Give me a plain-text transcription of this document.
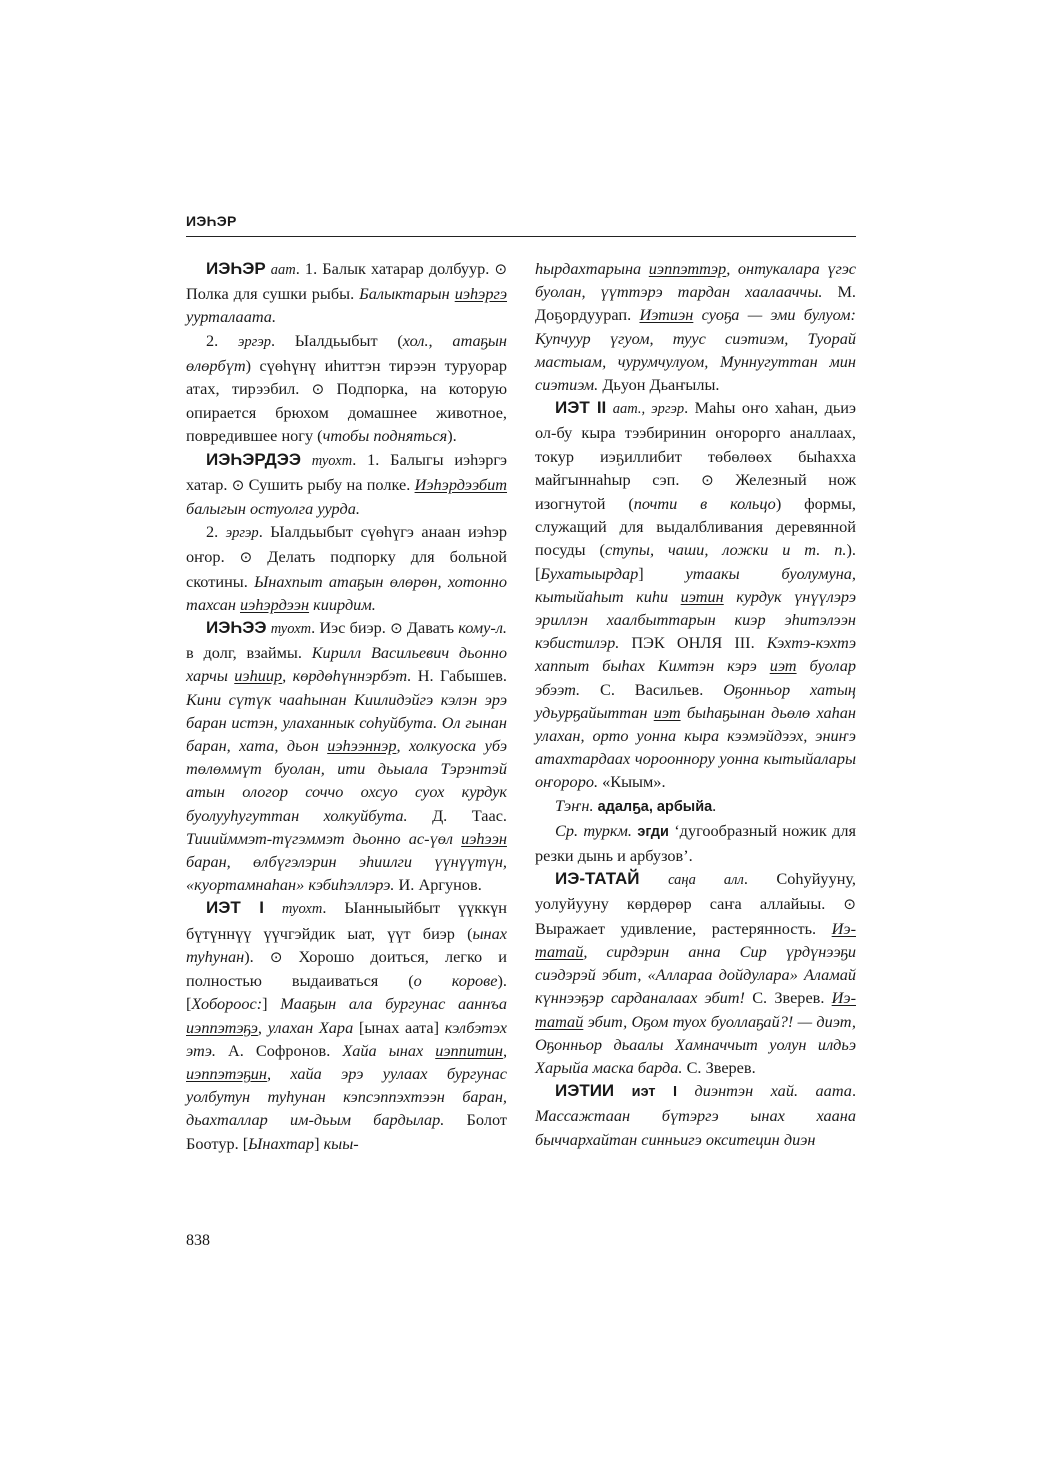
ИЭҺЭР

ИЭҺЭР аат. 1. Балык хатарар долбуур. ⊙ Полка для сушки рыбы. Балыктарын иэһэргэ уурталаата.

2. эргэр. Ыалдьыбыт (хол., атаҕын өлөрбүт) сүөһүнү иһиттэн тирээн туруорар атах, тирээбил. ⊙ Подпорка, на которую опирается брюхом домашнее животное, повредившее ногу (чтобы подняться).

ИЭҺЭРДЭЭ туохт. 1. Балыгы иэһэргэ хатар. ⊙ Сушить рыбу на полке. Иэһэрдээбит балыгын остуолга уурда.

2. эргэр. Ыалдьыбыт сүөһүгэ анаан иэһэр оҥор. ⊙ Делать подпорку для больной скотины. Ынахпыт атаҕын өлөрөн, хотонно тахсан иэһэрдээн киирдим.

ИЭҺЭЭ туохт. Иэс биэр. ⊙ Давать кому-л. в долг, взаймы. Кирилл Васильевич дьонно харчы иэһиир, көрдөһүннэрбэт. Н. Габышев. Кини сүтүк чааһынан Киилидэйгэ кэлэн эрэ баран истэн, улаханнык соһуйбута. Ол гынан баран, хата, дьон иэһээннэр, холкуоска убэ төлөммүт буолан, ити дьыала Тэрэнтэй атын ологор соччо охсуо суох курдук буолууһугуттан холкуйбута. Д. Таас. Тииийммэт-түгэммэт дьонно ас-үөл иэһээн баран, өлбүгэлэрин эһиилги үүнүүтүн, «куортамнаһан» кэбиһэллэрэ. И. Аргунов.

ИЭТ I туохт. Ыанныыйбыт үүккүн бүтүннүү үүчгэйдик ыат, үүт биэр (ынах туһунан). ⊙ Хорошо доиться, легко и полностью выдаиваться (о корове). [Хобороос:] Мааҕын ала бургунас ааннъа иэппэтэҕэ, улахан Хара [ынах аата] кэлбэтэх этэ. А. Софронов. Хайа ынах иэппитин, иэппэтэҕин, хайа эрэ уулаах бургунас уолбутун туһунан кэпсэппэхтээн баран, дьахталлар им-дьым бардылар. Болот Боотур. [Ынахтар] кыы-

һырдахтарына иэппэттэр, онтукалара үгэс буолан, үүттэрэ тардан хаалааччы. М. Доҕордуурап. Иэтиэн суоҕа — эми булуом: Купчуур үгуом, туус сиэтиэм, Туорай мастыам, чурумчулуом, Муннугуттан мин сиэтиэм. Дьуон Дьаҥылы.

ИЭТ II аат., эргэр. Маһы оҥо хаһан, дьиэ ол-бу кыра тээбиринин оҥорорго аналлаах, токур иэҕиллибит төбөлөөх быһахха майгыннаһыр сэп. ⊙ Железный нож изогнутой (почти в кольцо) формы, служащий для выдалбливания деревянной посуды (ступы, чаши, ложки и т. п.). [Бухатыырдар] утаакы буолумуна, кытыйаһыт киһи иэтин курдук үнүүлэрэ эриллэн хаалбыттарын киэр эһитэлээн кэбистилэр. ПЭК ОНЛЯ III. Кэхтэ-кэхтэ хаппыт быһах Кимтэн кэрэ иэт буолар эбээт. С. Васильев. Оҕонньор хатың удьурҕайыттан иэт быһаҕынан дьөлө хаһан улахан, орто уонна кыра кээмэйдээх, эниҥэ атахтардаах чорооннору уонна кытыйалары оҥороро. «Кыым».

Тэҥн. адалҕа, арбыйа.

Ср. туркм. эгди ‘дугообразный ножик для резки дынь и арбузов’.

ИЭ-ТАТАЙ саңа алл. Соһуйууну, уолуйууну көрдөрөр саҥа аллайыы. ⊙ Выражает удивление, растерянность. Иэ-татай, сирдэрин анна Сир үрдүнээҕи сиэдэрэй эбит, «Аллараа дойдулара» Аламай күннээҕэр сарданалаах эбит! С. Зверев. Иэ-татай эбит, Оҕом туох буоллаҕай?! — диэт, Оҕонньор дьаалы Хамначчыт уолун илдьэ Харыйа маска барда. С. Зверев.

ИЭТИИ иэт I диэнтэн хай. аата. Массажтаан бүтэргэ ынах хаана быччархайтан синньигэ окситецин диэн

838
